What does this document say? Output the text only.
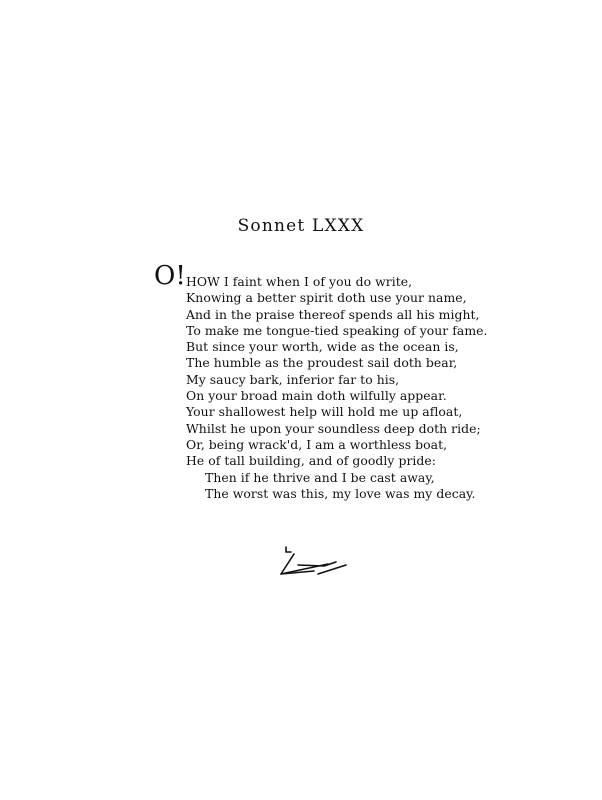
Sonnet LXXX
O! HOW I faint when I of you do write,
Knowing a better spirit doth use your name,
And in the praise thereof spends all his might,
To make me tongue-tied speaking of your fame.
But since your worth, wide as the ocean is,
The humble as the proudest sail doth bear,
My saucy bark, inferior far to his,
On your broad main doth wilfully appear.
Your shallowest help will hold me up afloat,
Whilst he upon your soundless deep doth ride;
Or, being wrack'd, I am a worthless boat,
He of tall building, and of goodly pride:
Then if he thrive and I be cast away,
The worst was this, my love was my decay.
